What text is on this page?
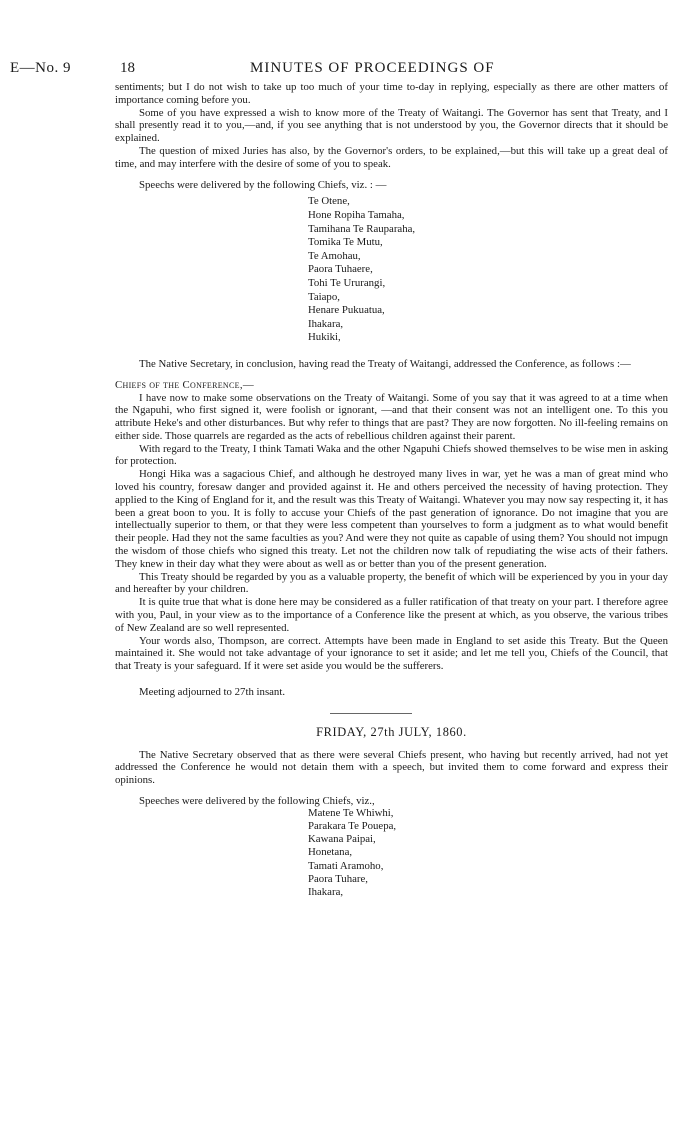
E—No. 9	18	MINUTES OF PROCEEDINGS OF

sentiments; but I do not wish to take up too much of your time to-day in replying, especially as there are other matters of importance coming before you.

Some of you have expressed a wish to know more of the Treaty of Waitangi. The Governor has sent that Treaty, and I shall presently read it to you,—and, if you see anything that is not understood by you, the Governor directs that it should be explained.

The question of mixed Juries has also, by the Governor's orders, to be explained,—but this will take up a great deal of time, and may interfere with the desire of some of you to speak.

Speechs were delivered by the following Chiefs, viz. : —

Te Otene,
Hone Ropiha Tamaha,
Tamihana Te Rauparaha,
Tomika Te Mutu,
Te Amohau,
Paora Tuhaere,
Tohi Te Ururangi,
Taiapo,
Henare Pukuatua,
Ihakara,
Hukiki,

The Native Secretary, in conclusion, having read the Treaty of Waitangi, addressed the Conference, as follows :—

Chiefs of the Conference,—

I have now to make some observations on the Treaty of Waitangi. Some of you say that it was agreed to at a time when the Ngapuhi, who first signed it, were foolish or ignorant, —and that their consent was not an intelligent one. To this you attribute Heke's and other disturbances. But why refer to things that are past? They are now forgotten. No ill-feeling remains on either side. Those quarrels are regarded as the acts of rebellious children against their parent.

With regard to the Treaty, I think Tamati Waka and the other Ngapuhi Chiefs showed themselves to be wise men in asking for protection.

Hongi Hika was a sagacious Chief, and although he destroyed many lives in war, yet he was a man of great mind who loved his country, foresaw danger and provided against it. He and others perceived the necessity of having protection. They applied to the King of England for it, and the result was this Treaty of Waitangi. Whatever you may now say respecting it, it has been a great boon to you. It is folly to accuse your Chiefs of the past generation of ignorance. Do not imagine that you are intellectually superior to them, or that they were less competent than yourselves to form a judgment as to what would benefit their people. Had they not the same faculties as you? And were they not quite as capable of using them? You should not impugn the wisdom of those chiefs who signed this treaty. Let not the children now talk of repudiating the wise acts of their fathers. They knew in their day what they were about as well as or better than you of the present generation.

This Treaty should be regarded by you as a valuable property, the benefit of which will be experienced by you in your day and hereafter by your children.

It is quite true that what is done here may be considered as a fuller ratification of that treaty on your part. I therefore agree with you, Paul, in your view as to the importance of a Conference like the present at which, as you observe, the various tribes of New Zealand are so well represented.

Your words also, Thompson, are correct. Attempts have been made in England to set aside this Treaty. But the Queen maintained it. She would not take advantage of your ignorance to set it aside; and let me tell you, Chiefs of the Council, that that Treaty is your safeguard. If it were set aside you would be the sufferers.

Meeting adjourned to 27th insant.

FRIDAY, 27th JULY, 1860.

The Native Secretary observed that as there were several Chiefs present, who having but recently arrived, had not yet addressed the Conference he would not detain them with a speech, but invited them to come forward and express their opinions.

Speeches were delivered by the following Chiefs, viz.,

Matene Te Whiwhi,
Parakara Te Pouepa,
Kawana Paipai,
Honetana,
Tamati Aramoho,
Paora Tuhare,
Ihakara,
